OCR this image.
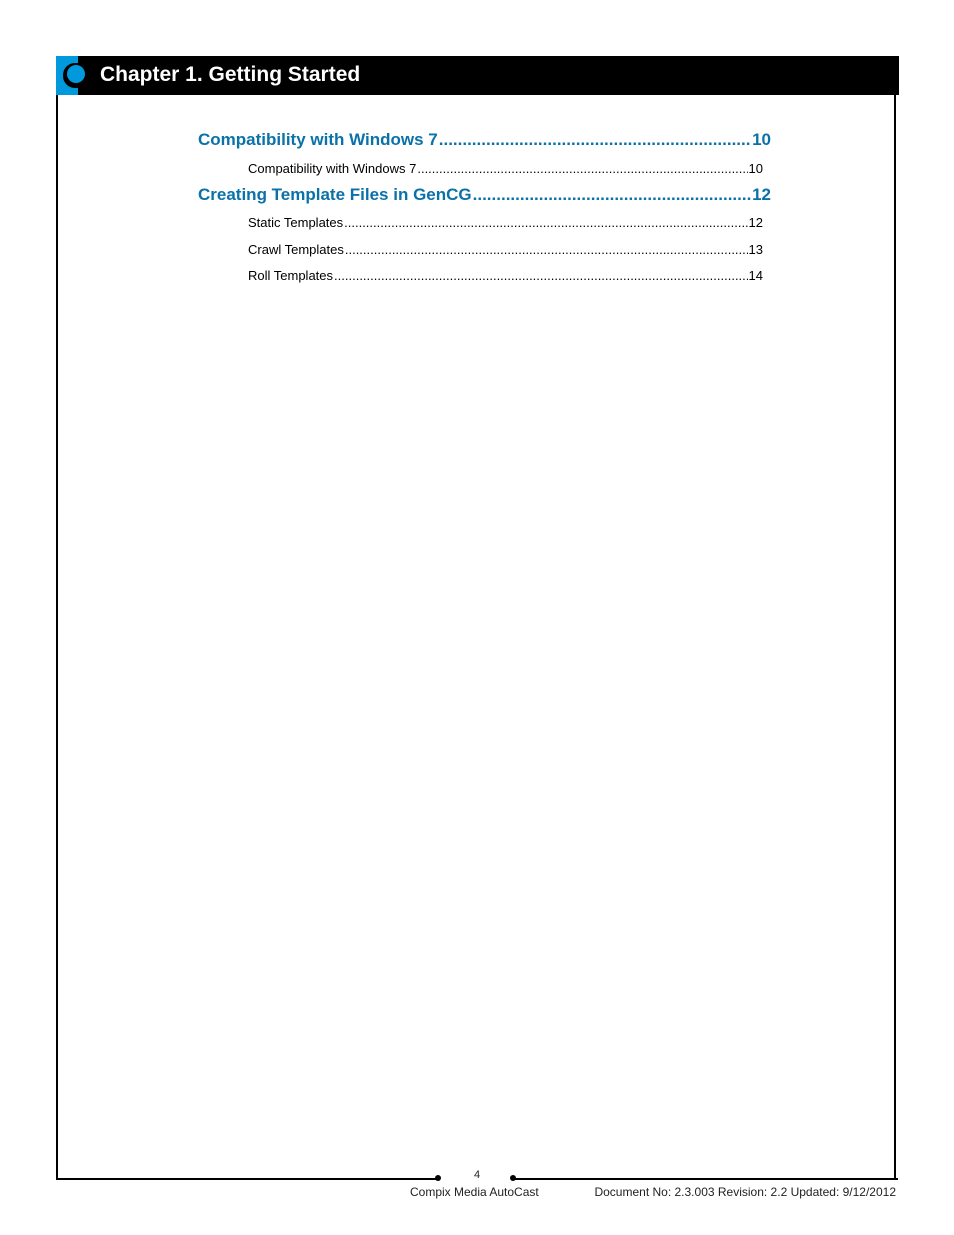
Chapter 1. Getting Started
Compatibility with Windows 7 .....	10
Compatibility with Windows 7 .....	10
Creating Template Files in GenCG .....	12
Static Templates .....	12
Crawl Templates .....	13
Roll Templates .....	14
4
Compix Media AutoCast	Document No: 2.3.003 Revision: 2.2 Updated: 9/12/2012
